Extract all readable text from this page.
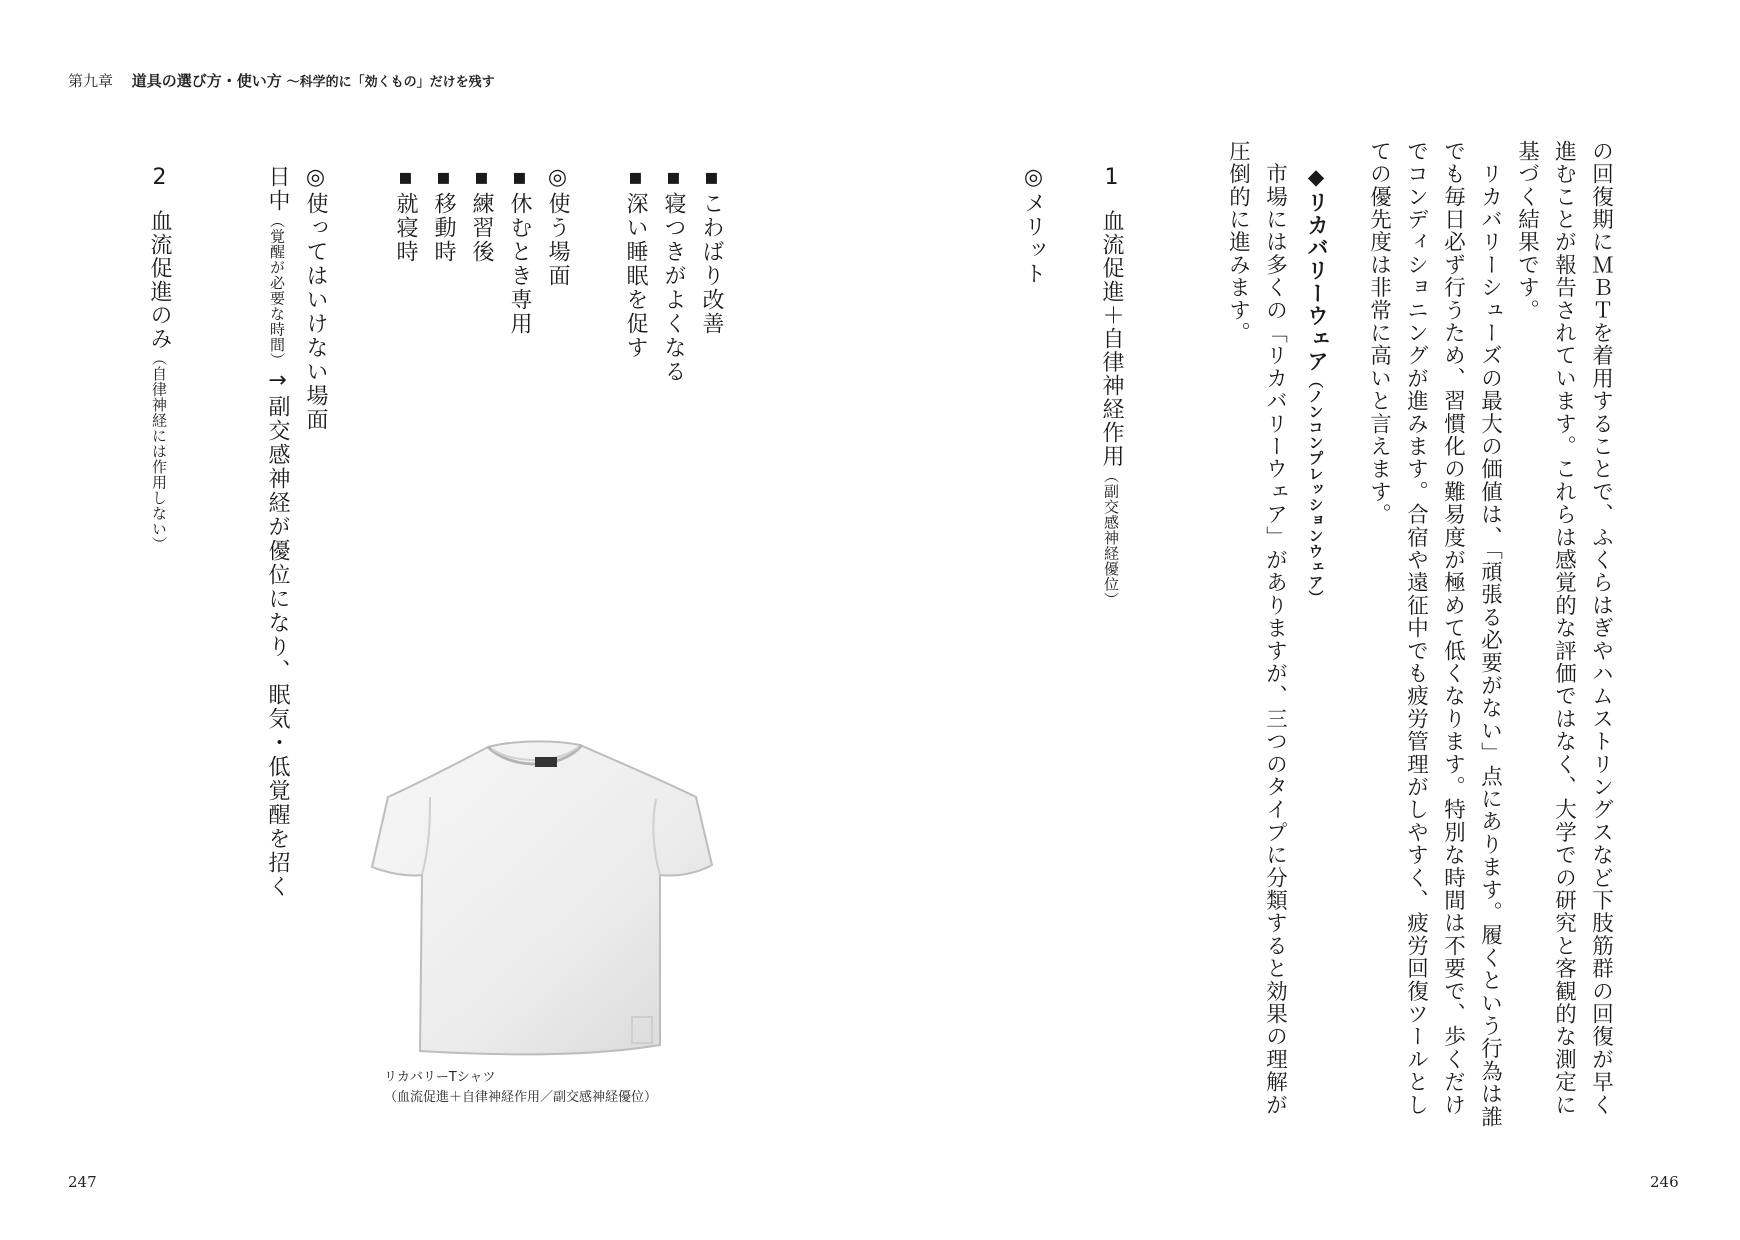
第九章 道具の選び方・使い方 〜科学的に「効くもの」だけを残す
の回復期にＭＢＴを着用することで、ふくらはぎやハムストリングスなど下肢筋群の回復が早く
進むことが報告されています。これらは感覚的な評価ではなく、大学での研究と客観的な測定に
基づく結果です。
　リカバリーシューズの最大の価値は、「頑張る必要がない」点にあります。履くという行為は誰
でも毎日必ず行うため、習慣化の難易度が極めて低くなります。特別な時間は不要で、歩くだけ
でコンディショニングが進みます。合宿や遠征中でも疲労管理がしやすく、疲労回復ツールとし
ての優先度は非常に高いと言えます。
◆リカバリーウェア（ノンコンプレッションウェア）
　市場には多くの「リカバリーウェア」がありますが、三つのタイプに分類すると効果の理解が
圧倒的に進みます。
246
1血流促進＋自律神経作用（副交感神経優位）
◎メリット
▪こわばり改善
▪寝つきがよくなる
▪深い睡眠を促す
◎使う場面
▪休むとき専用
▪練習後
▪移動時
▪就寝時
◎使ってはいけない場面
日中（覚醒が必要な時間）→副交感神経が優位になり、眠気・低覚醒を招く
2血流促進のみ（自律神経には作用しない）
リカバリーTシャツ
（血流促進＋自律神経作用／副交感神経優位）
247
